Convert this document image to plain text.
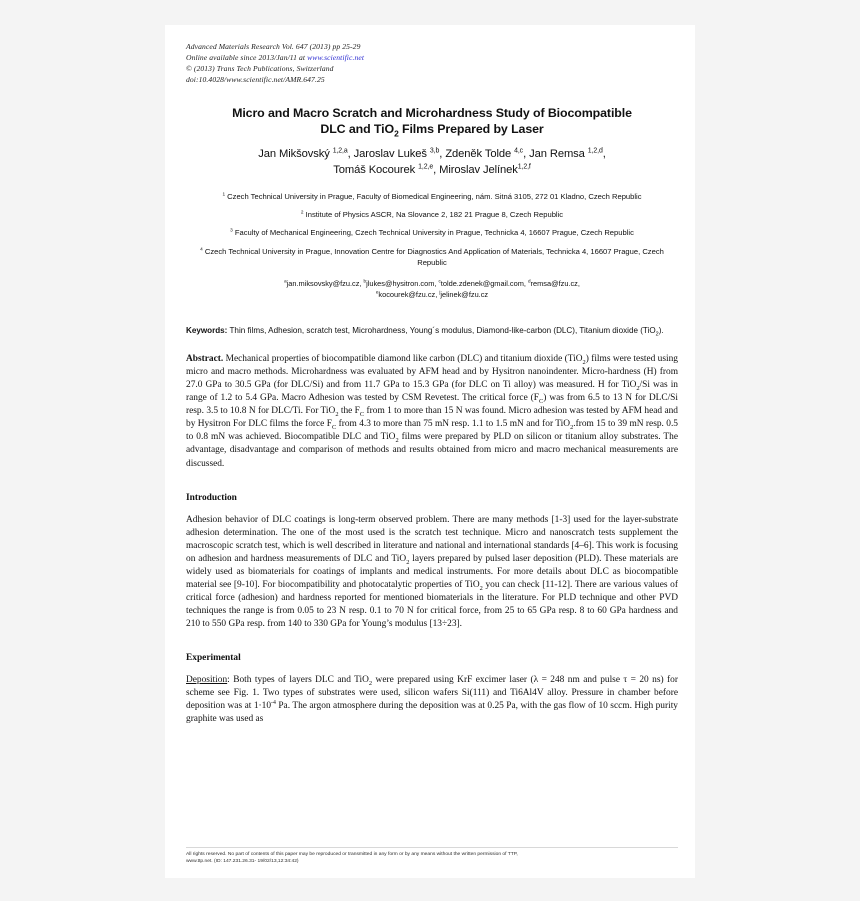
Advanced Materials Research Vol. 647 (2013) pp 25-29
Online available since 2013/Jan/11 at www.scientific.net
© (2013) Trans Tech Publications, Switzerland
doi:10.4028/www.scientific.net/AMR.647.25
Micro and Macro Scratch and Microhardness Study of Biocompatible
DLC and TiO$_2$ Films Prepared by Laser
Jan Mikšovský $^{1,2,a}$, Jaroslav Lukeš $^{3,b}$, Zdeněk Tolde $^{4,c}$, Jan Remsa $^{1,2,d}$,
Tomáš Kocourek $^{1,2,e}$, Miroslav Jelínek$^{1,2,f}$
$^1$ Czech Technical University in Prague, Faculty of Biomedical Engineering, nám. Sitná 3105, 272 01 Kladno, Czech Republic
$^2$ Institute of Physics ASCR, Na Slovance 2, 182 21 Prague 8, Czech Republic
$^3$ Faculty of Mechanical Engineering, Czech Technical University in Prague, Technicka 4, 16607 Prague, Czech Republic
$^4$ Czech Technical University in Prague, Innovation Centre for Diagnostics And Application of Materials, Technicka 4, 16607 Prague, Czech Republic
$^a$jan.miksovsky@fzu.cz, $^b$jlukes@hysitron.com, $^c$tolde.zdenek@gmail.com, $^d$remsa@fzu.cz,
$^e$kocourek@fzu.cz, $^j$jelinek@fzu.cz
Keywords: Thin films, Adhesion, scratch test, Microhardness, Young´s modulus, Diamond-like-carbon (DLC), Titanium dioxide (TiO$_2$).
Abstract. Mechanical properties of biocompatible diamond like carbon (DLC) and titanium dioxide (TiO$_2$) films were tested using micro and macro methods. Microhardness was evaluated by AFM head and by Hysitron nanoindenter. Micro-hardness (H) from 27.0 GPa to 30.5 GPa (for DLC/Si) and from 11.7 GPa to 15.3 GPa (for DLC on Ti alloy) was measured. H for TiO$_2$/Si was in range of 1.2 to 5.4 GPa. Macro Adhesion was tested by CSM Revetest. The critical force $(F_C)$ was from 6.5 to 13 N for DLC/Si resp. 3.5 to 10.8 N for DLC/Ti. For TiO$_2$ the $F_C$ from 1 to more than 15 N was found. Micro adhesion was tested by AFM head and by Hysitron For DLC films the force $F_C$ from 4.3 to more than 75 mN resp. 1.1 to 1.5 mN and for TiO$_2$.from 15 to 39 mN resp. 0.5 to 0.8 mN was achieved. Biocompatible DLC and TiO$_2$ films were prepared by PLD on silicon or titanium alloy substrates. The advantage, disadvantage and comparison of methods and results obtained from micro and macro mechanical measurements are discussed.
Introduction
Adhesion behavior of DLC coatings is long-term observed problem. There are many methods [1-3] used for the layer-substrate adhesion determination. The one of the most used is the scratch test technique. Micro and nanoscratch tests supplement the macroscopic scratch test, which is well described in literature and national and international standards [4–6]. This work is focusing on adhesion and hardness measurements of DLC and TiO$_2$ layers prepared by pulsed laser deposition (PLD). These materials are widely used as biomaterials for coatings of implants and medical instruments. For more details about DLC as biocompatible material see [9-10]. For biocompatibility and photocatalytic properties of TiO$_2$ you can check [11-12]. There are various values of critical force (adhesion) and hardness reported for mentioned biomaterials in the literature. For PLD technique and other PVD techniques the range is from 0.05 to 23 N resp. 0.1 to 70 N for critical force, from 25 to 65 GPa resp. 8 to 60 GPa hardness and 210 to 550 GPa resp. from 140 to 330 GPa for Young’s modulus [13÷23].
Experimental
Deposition: Both types of layers DLC and TiO$_2$ were prepared using KrF excimer laser (λ = 248 nm and pulse τ = 20 ns) for scheme see Fig. 1. Two types of substrates were used, silicon wafers Si(111) and Ti6Al4V alloy. Pressure in chamber before deposition was at $1\cdot 10^{-4}$ Pa. The argon atmosphere during the deposition was at 0.25 Pa, with the gas flow of 10 sccm. High purity graphite was used as
All rights reserved. No part of contents of this paper may be reproduced or transmitted in any form or by any means without the written permission of TTP,
www.ttp.net. (ID: 147.231.26.31- 19/02/13,12:34:42)
